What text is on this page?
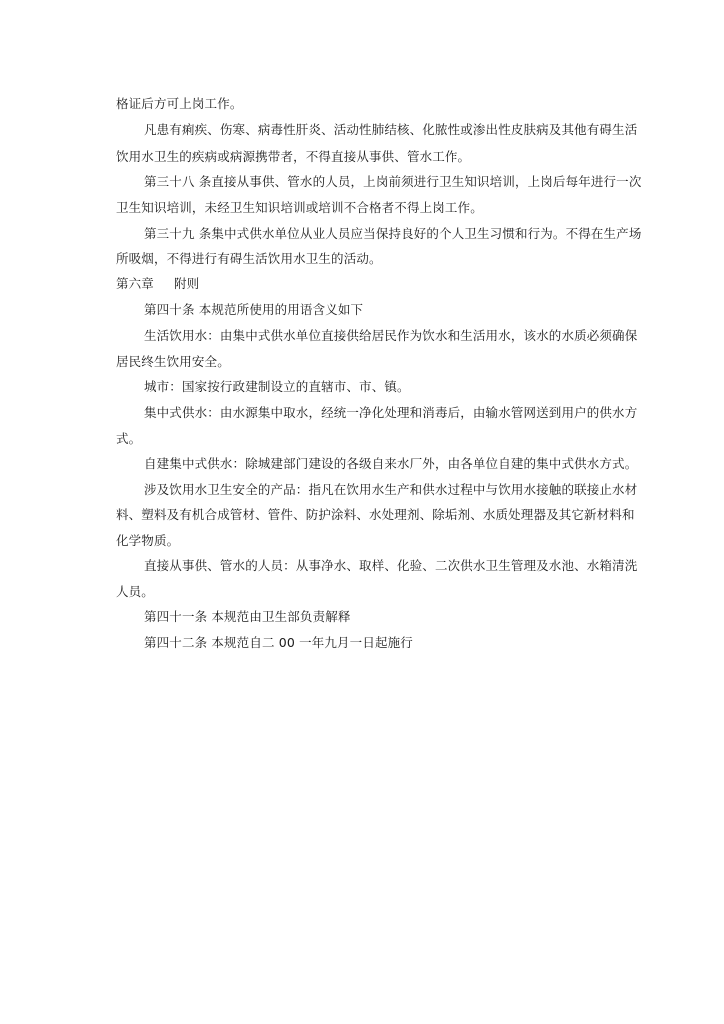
格证后方可上岗工作。
凡患有痢疾、伤寒、病毒性肝炎、活动性肺结核、化脓性或渗出性皮肤病及其他有碍生活
饮用水卫生的疾病或病源携带者，不得直接从事供、管水工作。
第三十八 条直接从事供、管水的人员，上岗前须进行卫生知识培训，上岗后每年进行一次
卫生知识培训，未经卫生知识培训或培训不合格者不得上岗工作。
第三十九 条集中式供水单位从业人员应当保持良好的个人卫生习惯和行为。不得在生产场
所吸烟，不得进行有碍生活饮用水卫生的活动。
第六章 附则
第四十条 本规范所使用的用语含义如下
生活饮用水：由集中式供水单位直接供给居民作为饮水和生活用水，该水的水质必须确保
居民终生饮用安全。
城市：国家按行政建制设立的直辖市、市、镇。
集中式供水：由水源集中取水，经统一净化处理和消毒后，由输水管网送到用户的供水方
式。
自建集中式供水：除城建部门建设的各级自来水厂外，由各单位自建的集中式供水方式。
涉及饮用水卫生安全的产品：指凡在饮用水生产和供水过程中与饮用水接触的联接止水材
料、塑料及有机合成管材、管件、防护涂料、水处理剂、除垢剂、水质处理器及其它新材料和
化学物质。
直接从事供、管水的人员：从事净水、取样、化验、二次供水卫生管理及水池、水箱清洗
人员。
第四十一条 本规范由卫生部负责解释
第四十二条 本规范自二 00 一年九月一日起施行
